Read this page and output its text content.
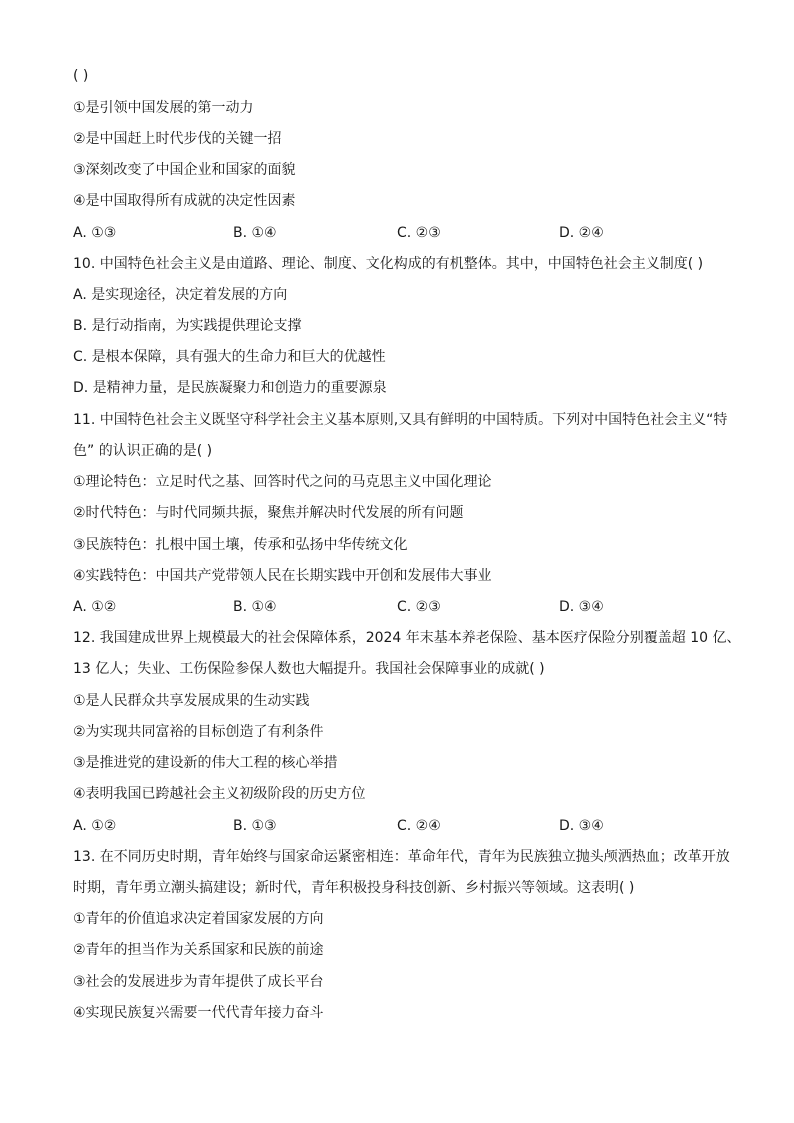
( )
①是引领中国发展的第一动力
②是中国赶上时代步伐的关键一招
③深刻改变了中国企业和国家的面貌
④是中国取得所有成就的决定性因素
A. ①③	B. ①④	C. ②③	D. ②④
10. 中国特色社会主义是由道路、理论、制度、文化构成的有机整体。其中，中国特色社会主义制度( )
A. 是实现途径，决定着发展的方向
B. 是行动指南，为实践提供理论支撑
C. 是根本保障，具有强大的生命力和巨大的优越性
D. 是精神力量，是民族凝聚力和创造力的重要源泉
11. 中国特色社会主义既坚守科学社会主义基本原则,又具有鲜明的中国特质。下列对中国特色社会主义“特
色” 的认识正确的是( )
①理论特色：立足时代之基、回答时代之问的马克思主义中国化理论
②时代特色：与时代同频共振，聚焦并解决时代发展的所有问题
③民族特色：扎根中国土壤，传承和弘扬中华传统文化
④实践特色：中国共产党带领人民在长期实践中开创和发展伟大事业
A. ①②	B. ①④	C. ②③	D. ③④
12. 我国建成世界上规模最大的社会保障体系，2024 年末基本养老保险、基本医疗保险分别覆盖超 10 亿、
13 亿人；失业、工伤保险参保人数也大幅提升。我国社会保障事业的成就( )
①是人民群众共享发展成果的生动实践
②为实现共同富裕的目标创造了有利条件
③是推进党的建设新的伟大工程的核心举措
④表明我国已跨越社会主义初级阶段的历史方位
A. ①②	B. ①③	C. ②④	D. ③④
13. 在不同历史时期，青年始终与国家命运紧密相连：革命年代，青年为民族独立抛头颅洒热血；改革开放
时期，青年勇立潮头搞建设；新时代，青年积极投身科技创新、乡村振兴等领域。这表明( )
①青年的价值追求决定着国家发展的方向
②青年的担当作为关系国家和民族的前途
③社会的发展进步为青年提供了成长平台
④实现民族复兴需要一代代青年接力奋斗
